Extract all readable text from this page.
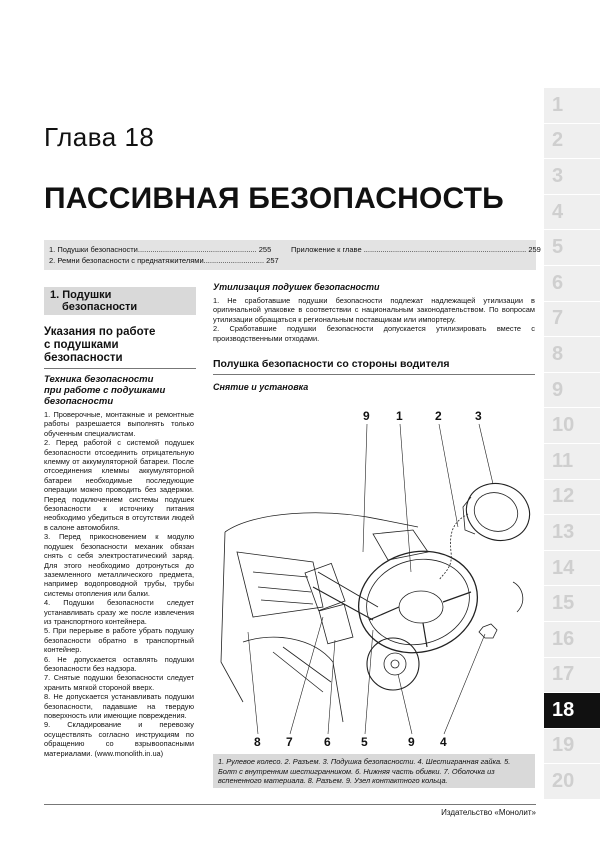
Глава 18
ПАССИВНАЯ БЕЗОПАСНОСТЬ
1. Подушки безопасности......................................................... 255
2. Ремни безопасности с преднатяжителями............................. 257
Приложение к главе .............................................................................. 259
1. Подушки
безопасности
Указания по работе
с подушками
безопасности
Техника безопасности
при работе с подушками
безопасности

1. Проверочные, монтажные и ремонтные работы разрешается выполнять только обученным специалистам.

2. Перед работой с системой подушек безопасности отсоединить отрицательную клемму от аккумуляторной батареи. После отсоединения клеммы аккумуляторной батареи необходимые последующие операции можно проводить без задержки. Перед подключением системы подушек безопасности к источнику питания необходимо убедиться в отсутствии людей в салоне автомобиля.

3. Перед прикосновением к модулю подушек безопасности механик обязан снять с себя электростатический заряд. Для этого необходимо дотронуться до заземленного металлического предмета, например водопроводной трубы, трубы системы отопления или балки.

4. Подушки безопасности следует устанавливать сразу же после извлечения из транспортного контейнера.

5. При перерыве в работе убрать подушку безопасности обратно в транспортный контейнер.

6. Не допускается оставлять подушки безопасности без надзора.

7. Снятые подушки безопасности следует хранить мягкой стороной вверх.

8. Не допускается устанавливать подушки безопасности, падавшие на твердую поверхность или имеющие повреждения.

9. Складирование и перевозку осуществлять согласно инструкциям по обращению со взрывоопасными материалами. (www.monolith.in.ua)

Утилизация подушек безопасности

1. Не сработавшие подушки безопасности подлежат надлежащей утилизации в оригинальной упаковке в соответствии с национальным законодательством. По вопросам утилизации обращаться к региональным поставщикам или импортеру.

2. Сработавшие подушки безопасности допускается утилизировать вместе с производственными отходами.

Полушка безопасности со стороны водителя
Снятие и установка
9 1	2	3
8 7	6	5	9 4
1. Рулевое колесо. 2. Разъем. 3. Подушка безопасности. 4. Шестигранная гайка. 5. Болт с внутренним шестигранником. 6. Нижняя часть обивки. 7. Оболочка из вспененного материала. 8. Разъем. 9. Узел контактного кольца.
Издательство «Монолит»
1
2
3
4
5
6
7
8
9
10
11
12
13
14
15
16
17
18
19
20
